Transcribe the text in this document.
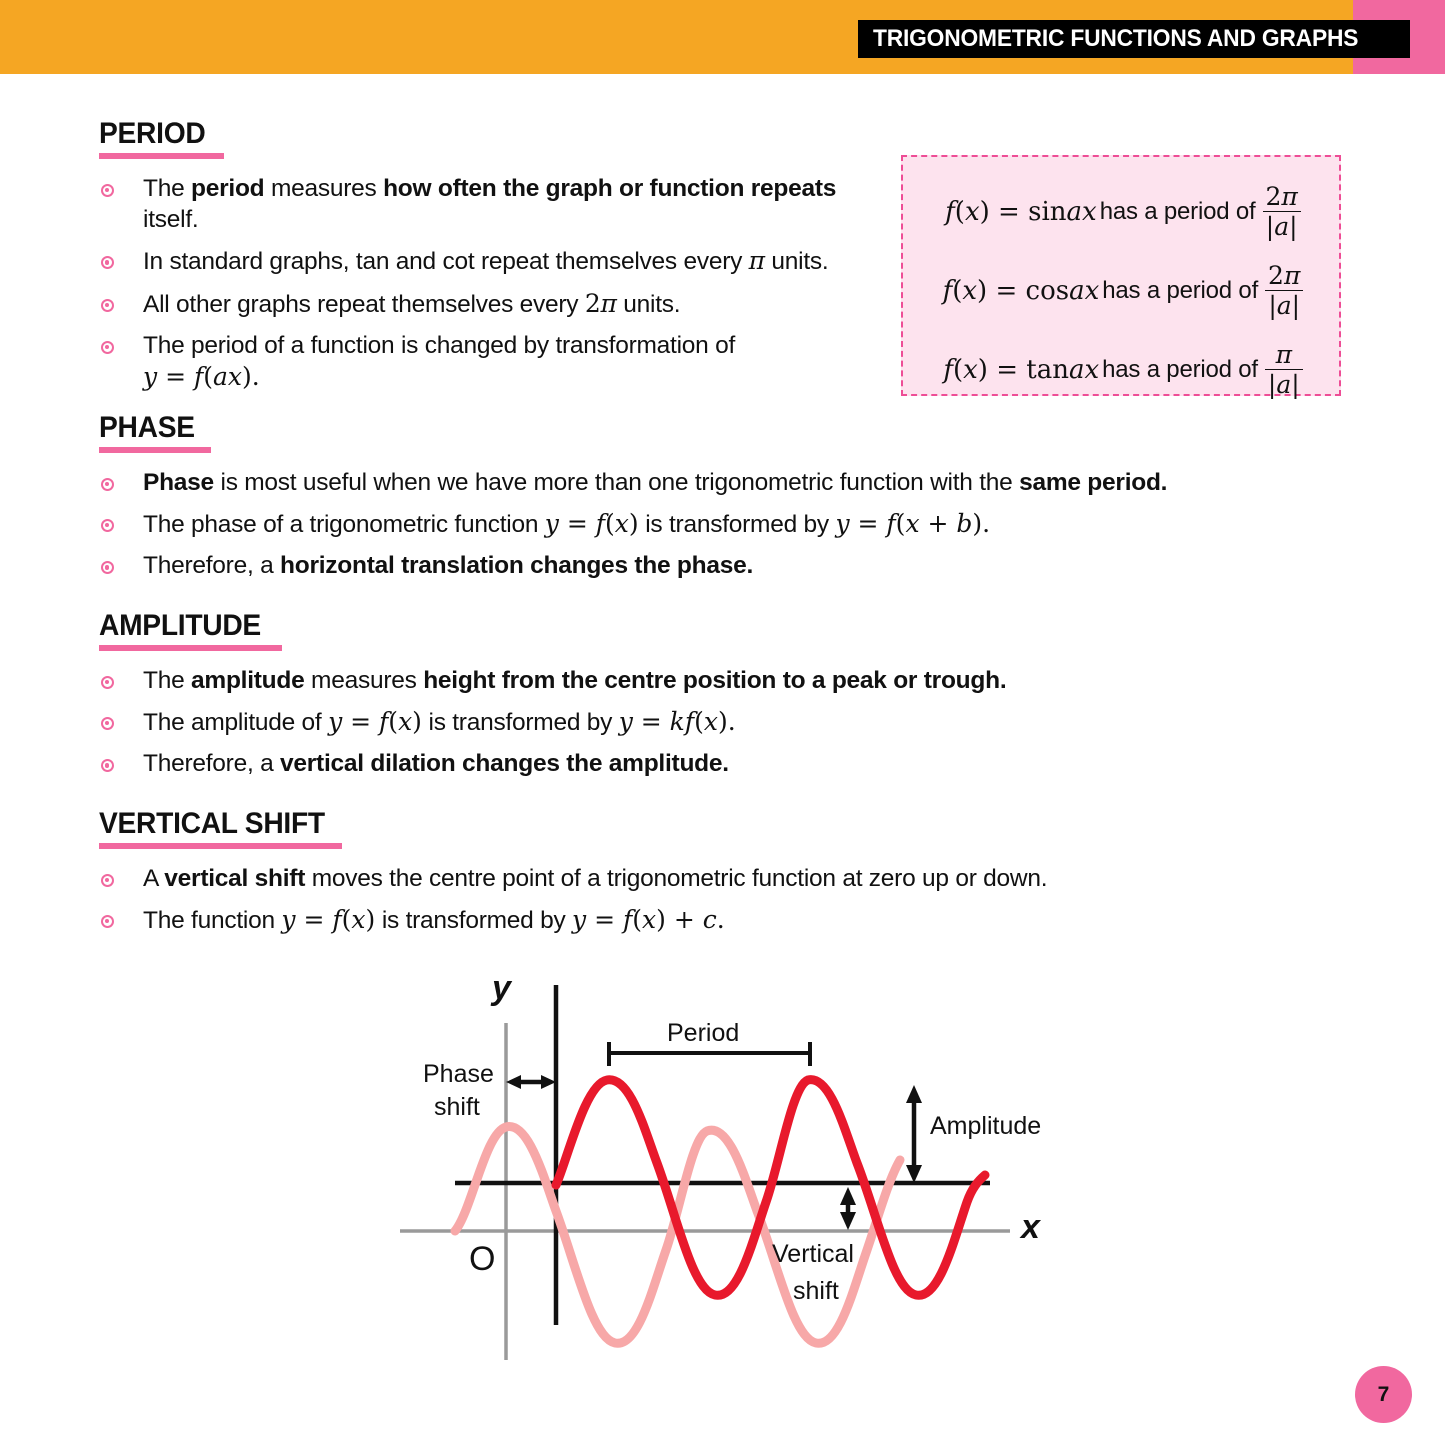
TRIGONOMETRIC FUNCTIONS AND GRAPHS
PERIOD
The period measures how often the graph or function repeats itself.
In standard graphs, tan and cot repeat themselves every π units.
All other graphs repeat themselves every 2π units.
The period of a function is changed by transformation of
y = f(ax).
f(x) = sinax has a period of $\frac{2\pi}{|a|}$
f(x) = cosax has a period of $\frac{2\pi}{|a|}$
f(x) = tanax has a period of $\frac{\pi}{|a|}$
PHASE
Phase is most useful when we have more than one trigonometric function with the same period.
The phase of a trigonometric function y = f(x) is transformed by y = f(x + b).
Therefore, a horizontal translation changes the phase.
AMPLITUDE
The amplitude measures height from the centre position to a peak or trough.
The amplitude of y = f(x) is transformed by y = kf(x).
Therefore, a vertical dilation changes the amplitude.
VERTICAL SHIFT
A vertical shift moves the centre point of a trigonometric function at zero up or down.
The function y = f(x) is transformed by y = f(x) + c.
y
x
O
Period
Phase
shift
Amplitude
Vertical
shift
7
